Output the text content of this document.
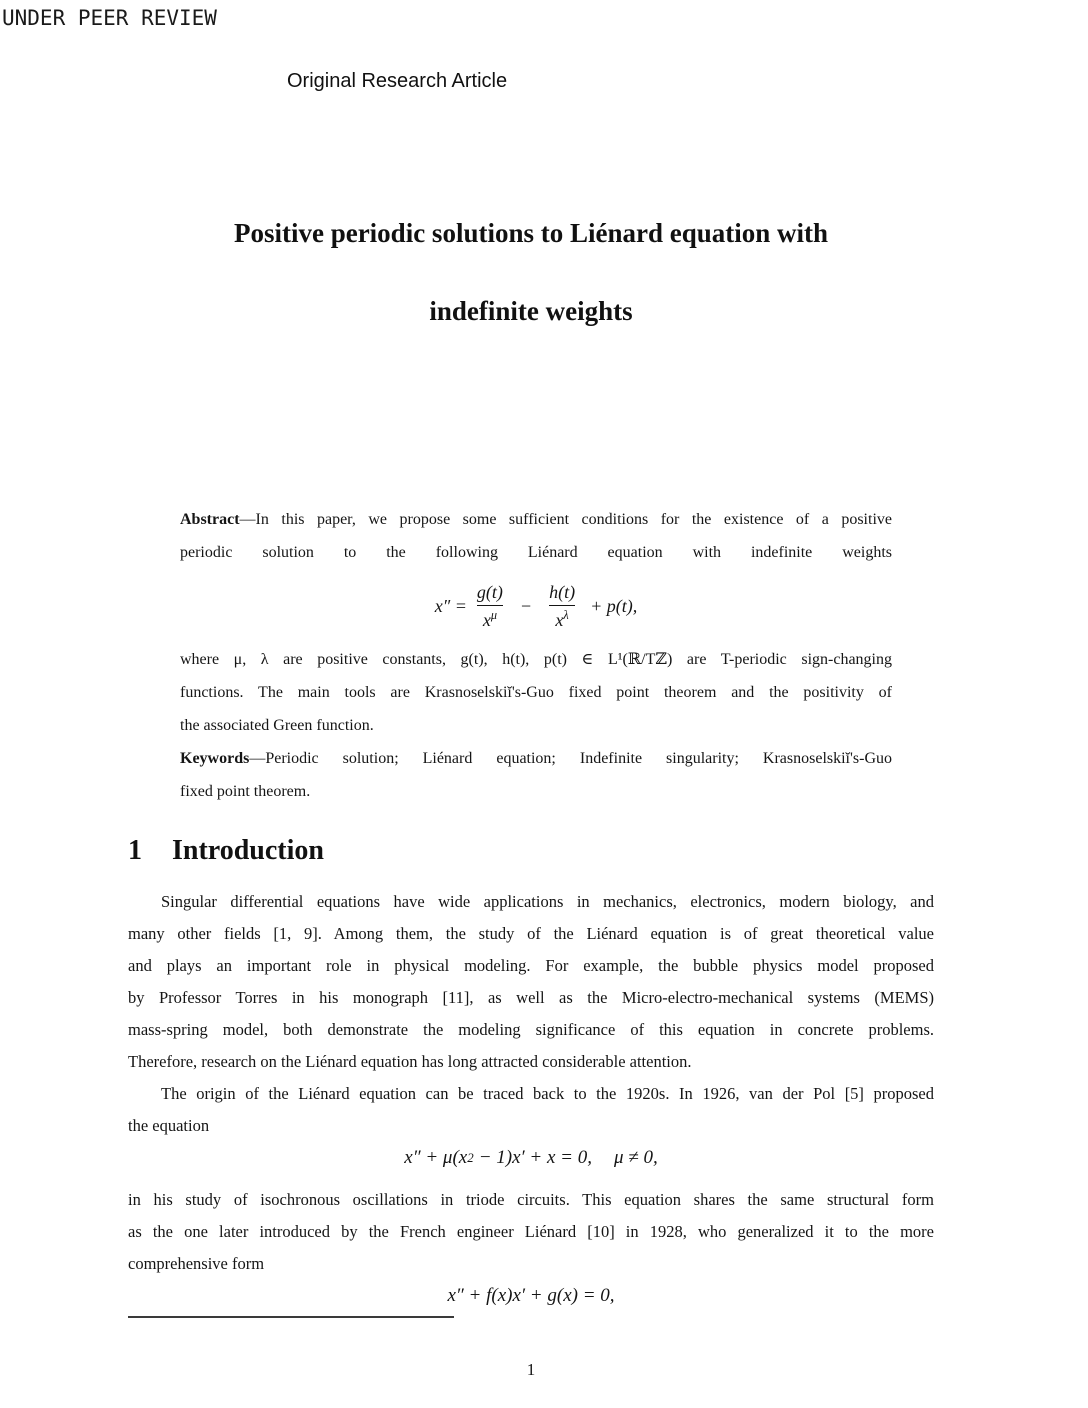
UNDER PEER REVIEW
Original Research Article
Positive periodic solutions to Liénard equation with
indefinite weights
Abstract—In this paper, we propose some sufficient conditions for the existence of a positive
periodic solution to the following Liénard equation with indefinite weights
$x'' = \frac{g(t)}{x^\mu} - \frac{h(t)}{x^\lambda} + p(t)$,
where μ, λ are positive constants, g(t), h(t), p(t) ∈ L¹(ℝ/Tℤ) are T-periodic sign-changing
functions. The main tools are Krasnoselskiĭ's-Guo fixed point theorem and the positivity of
the associated Green function.
Keywords—Periodic solution; Liénard equation; Indefinite singularity; Krasnoselskiĭ's-Guo
fixed point theorem.
1 Introduction
Singular differential equations have wide applications in mechanics, electronics, modern biology, and
many other fields [1, 9]. Among them, the study of the Liénard equation is of great theoretical value
and plays an important role in physical modeling. For example, the bubble physics model proposed
by Professor Torres in his monograph [11], as well as the Micro-electro-mechanical systems (MEMS)
mass-spring model, both demonstrate the modeling significance of this equation in concrete problems.
Therefore, research on the Liénard equation has long attracted considerable attention.
The origin of the Liénard equation can be traced back to the 1920s. In 1926, van der Pol [5] proposed
the equation
x″ + μ(x 2 − 1)x′ + x = 0, μ ≠ 0,
in his study of isochronous oscillations in triode circuits. This equation shares the same structural form
as the one later introduced by the French engineer Liénard [10] in 1928, who generalized it to the more
comprehensive form
x″ + f(x)x′ + g(x) = 0,
1
